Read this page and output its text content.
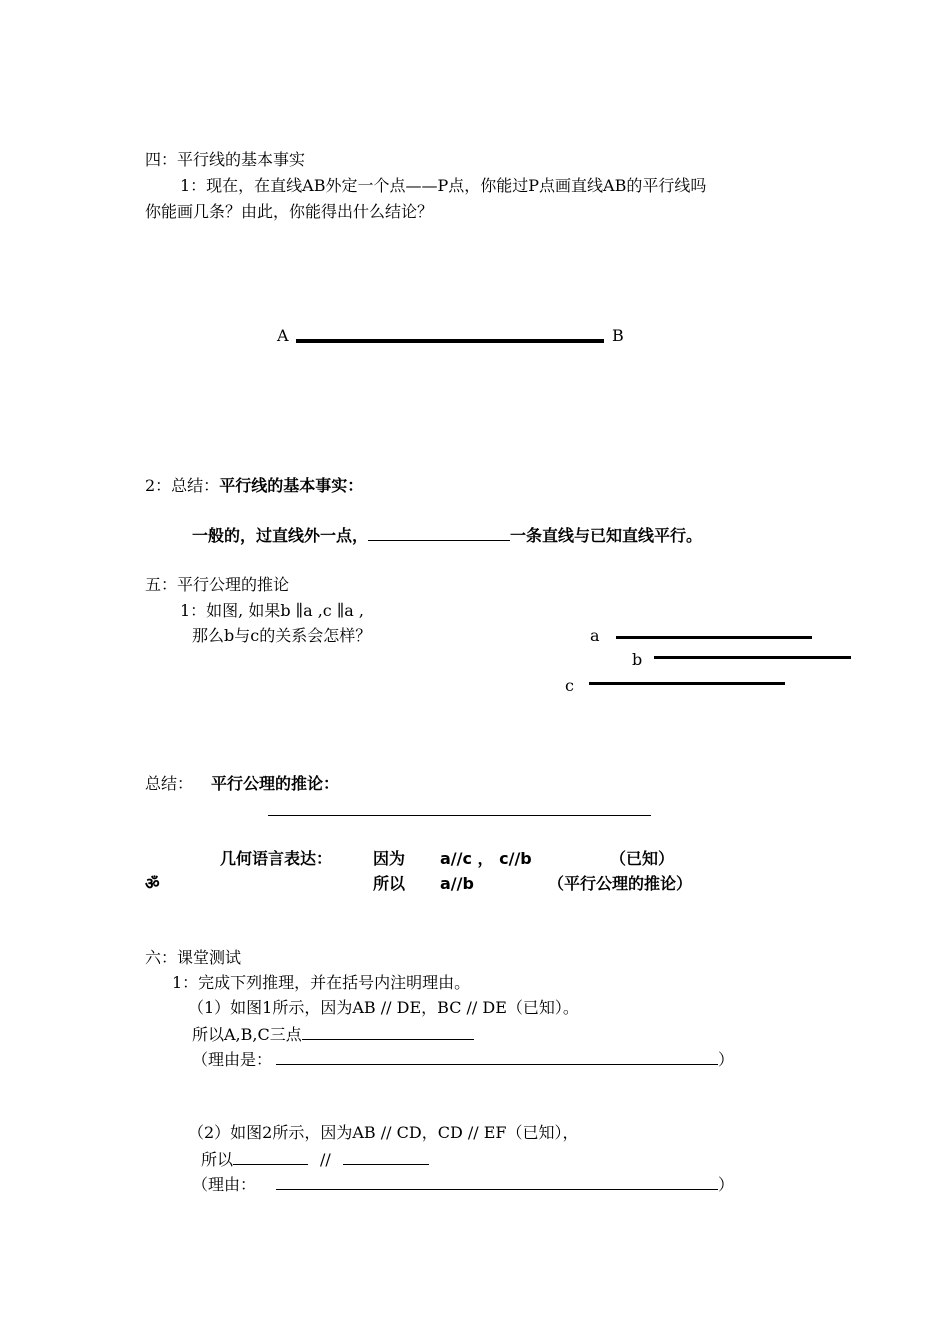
四：平行线的基本事实
1：现在，在直线AB外定一个点——P点，你能过P点画直线AB的平行线吗
你能画几条？由此，你能得出什么结论？
A	B
2：总结：平行线的基本事实：
一般的，过直线外一点，	一条直线与已知直线平行。
五：平行公理的推论
1：如图, 如果b ∥a ,c ∥a ,
那么b与c的关系会怎样？	a
b
c
总结： 平行公理的推论：
几何语言表达：	因为 a//c ， c//b	（已知）
ॐ	所以 a//b	（平行公理的推论）
六：课堂测试
1：完成下列推理，并在括号内注明理由。
（1）如图1所示，因为AB // DE，BC // DE（已知）。
所以A,B,C三点
（理由是：	）
（2）如图2所示，因为AB // CD，CD // EF（已知），
所以	//
（理由：	）
